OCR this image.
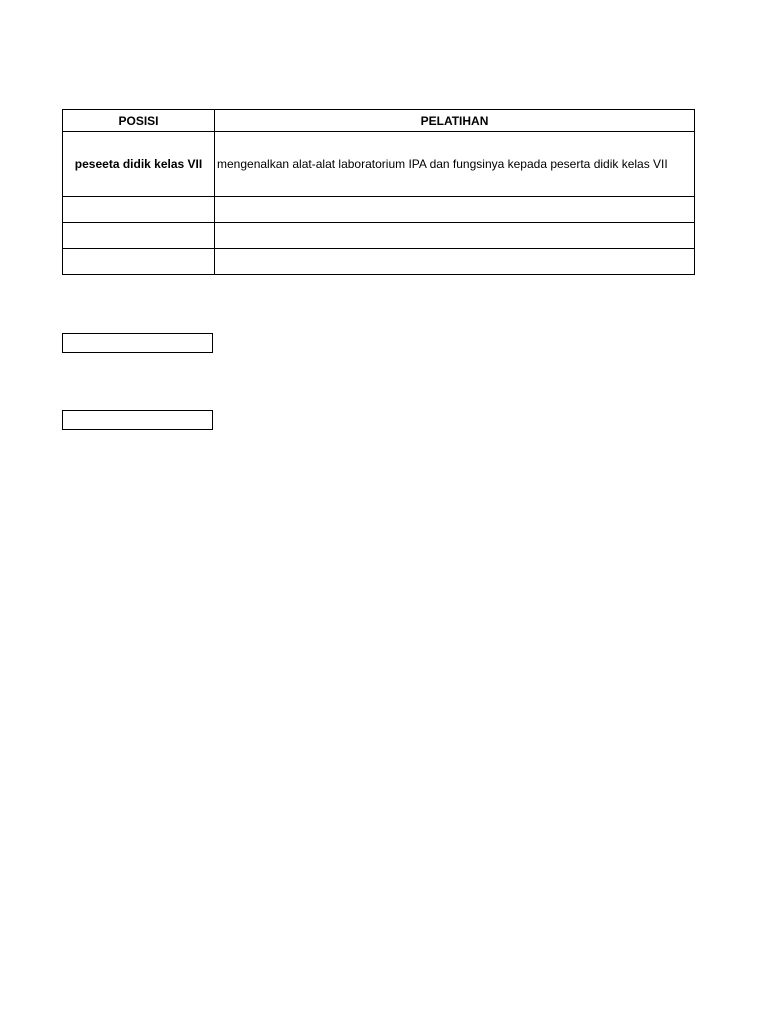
POSISI	PELATIHAN
peseeta didik kelas VII	mengenalkan alat-alat laboratorium IPA dan fungsinya kepada peserta didik kelas VII
